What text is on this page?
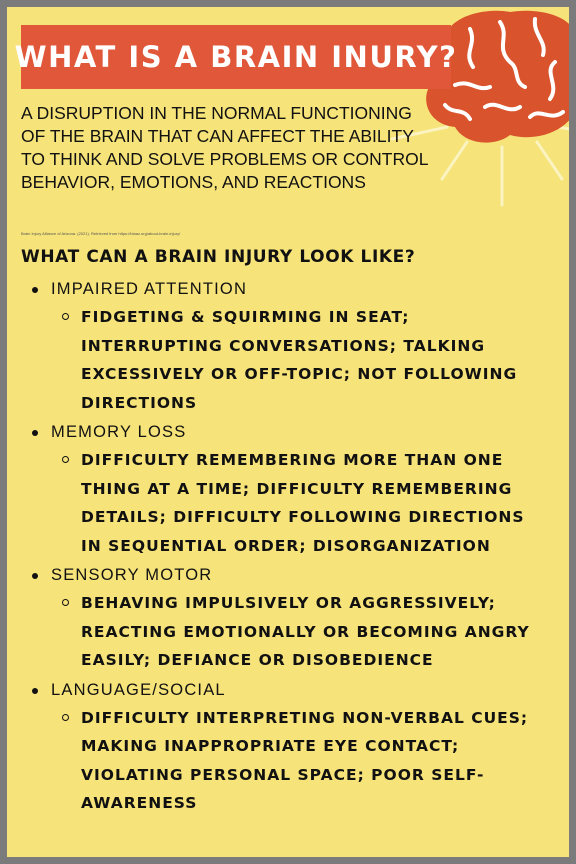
WHAT IS A BRAIN INURY?
A DISRUPTION IN THE NORMAL FUNCTIONING OF THE BRAIN THAT CAN AFFECT THE ABILITY TO THINK AND SOLVE PROBLEMS OR CONTROL BEHAVIOR, EMOTIONS, AND REACTIONS
Brain Injury Alliance of Arizona. (2021). Retrieved from https://biaaz.org/about-brain-injury/
WHAT CAN A BRAIN INJURY LOOK LIKE?
IMPAIRED ATTENTION
FIDGETING & SQUIRMING IN SEAT; INTERRUPTING CONVERSATIONS; TALKING EXCESSIVELY OR OFF-TOPIC; NOT FOLLOWING DIRECTIONS
MEMORY LOSS
DIFFICULTY REMEMBERING MORE THAN ONE THING AT A TIME; DIFFICULTY REMEMBERING DETAILS; DIFFICULTY FOLLOWING DIRECTIONS IN SEQUENTIAL ORDER; DISORGANIZATION
SENSORY MOTOR
BEHAVING IMPULSIVELY OR AGGRESSIVELY; REACTING EMOTIONALLY OR BECOMING ANGRY EASILY; DEFIANCE OR DISOBEDIENCE
LANGUAGE/SOCIAL
DIFFICULTY INTERPRETING NON-VERBAL CUES; MAKING INAPPROPRIATE EYE CONTACT; VIOLATING PERSONAL SPACE; POOR SELF-AWARENESS
